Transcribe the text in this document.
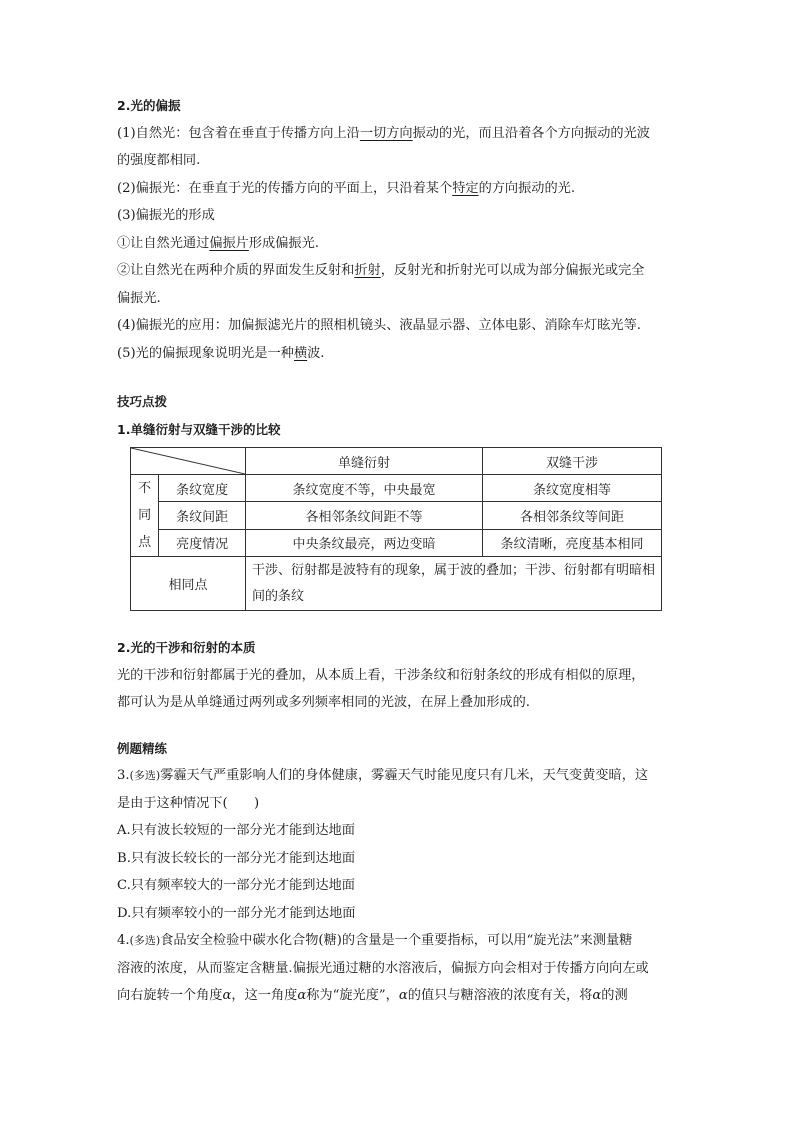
2.光的偏振
(1)自然光：包含着在垂直于传播方向上沿一切方向振动的光，而且沿着各个方向振动的光波
的强度都相同.
(2)偏振光：在垂直于光的传播方向的平面上，只沿着某个特定的方向振动的光.
(3)偏振光的形成
①让自然光通过偏振片形成偏振光.
②让自然光在两种介质的界面发生反射和折射，反射光和折射光可以成为部分偏振光或完全
偏振光.
(4)偏振光的应用：加偏振滤光片的照相机镜头、液晶显示器、立体电影、消除车灯眩光等.
(5)光的偏振现象说明光是一种横波.
技巧点拨
1.单缝衍射与双缝干涉的比较
	单缝衍射	双缝干涉

不
同
点	条纹宽度	条纹宽度不等，中央最宽	条纹宽度相等
	条纹间距	各相邻条纹间距不等	各相邻条纹等间距
	亮度情况	中央条纹最亮，两边变暗	条纹清晰，亮度基本相同
相同点		干涉、衍射都是波特有的现象，属于波的叠加；干涉、衍射都有明暗相间的条纹	
2.光的干涉和衍射的本质
光的干涉和衍射都属于光的叠加，从本质上看，干涉条纹和衍射条纹的形成有相似的原理，
都可认为是从单缝通过两列或多列频率相同的光波，在屏上叠加形成的.
例题精练
3.(多选)雾霾天气严重影响人们的身体健康，雾霾天气时能见度只有几米，天气变黄变暗，这
是由于这种情况下(　　)
A.只有波长较短的一部分光才能到达地面
B.只有波长较长的一部分光才能到达地面
C.只有频率较大的一部分光才能到达地面
D.只有频率较小的一部分光才能到达地面
4.(多选)食品安全检验中碳水化合物(糖)的含量是一个重要指标，可以用“旋光法”来测量糖
溶液的浓度，从而鉴定含糖量.偏振光通过糖的水溶液后，偏振方向会相对于传播方向向左或
向右旋转一个角度α，这一角度α称为“旋光度”，α的值只与糖溶液的浓度有关，将α的测
